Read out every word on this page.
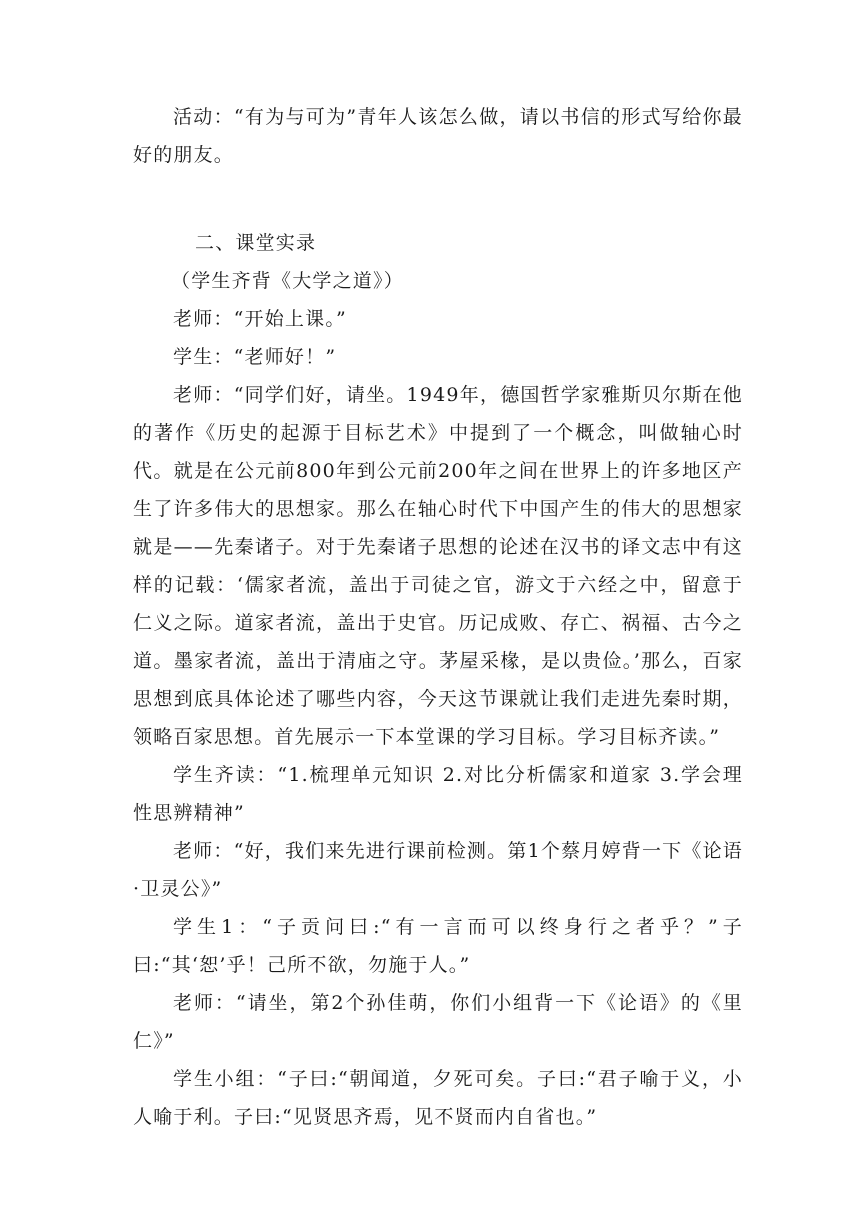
活动：“有为与可为”青年人该怎么做，请以书信的形式写给你最好的朋友。

二、课堂实录

（学生齐背《大学之道》）

老师：“开始上课。”

学生：“老师好！”

老师：“同学们好，请坐。1949年，德国哲学家雅斯贝尔斯在他的著作《历史的起源于目标艺术》中提到了一个概念，叫做轴心时代。就是在公元前800年到公元前200年之间在世界上的许多地区产生了许多伟大的思想家。那么在轴心时代下中国产生的伟大的思想家就是——先秦诸子。对于先秦诸子思想的论述在汉书的译文志中有这样的记载：‘儒家者流，盖出于司徒之官，游文于六经之中，留意于仁义之际。道家者流，盖出于史官。历记成败、存亡、祸福、古今之道。墨家者流，盖出于清庙之守。茅屋采椽，是以贵俭。’那么，百家思想到底具体论述了哪些内容，今天这节课就让我们走进先秦时期，领略百家思想。首先展示一下本堂课的学习目标。学习目标齐读。”

学生齐读：“1.梳理单元知识 2.对比分析儒家和道家 3.学会理性思辨精神”

老师：“好，我们来先进行课前检测。第1个蔡月婷背一下《论语·卫灵公》”

学生1：“子贡问曰:“有一言而可以终身行之者乎？”子曰:“其‘恕’乎！己所不欲，勿施于人。”

老师：“请坐，第2个孙佳萌，你们小组背一下《论语》的《里仁》”

学生小组：“子曰:“朝闻道，夕死可矣。子曰:“君子喻于义，小人喻于利。子曰:“见贤思齐焉，见不贤而内自省也。”
